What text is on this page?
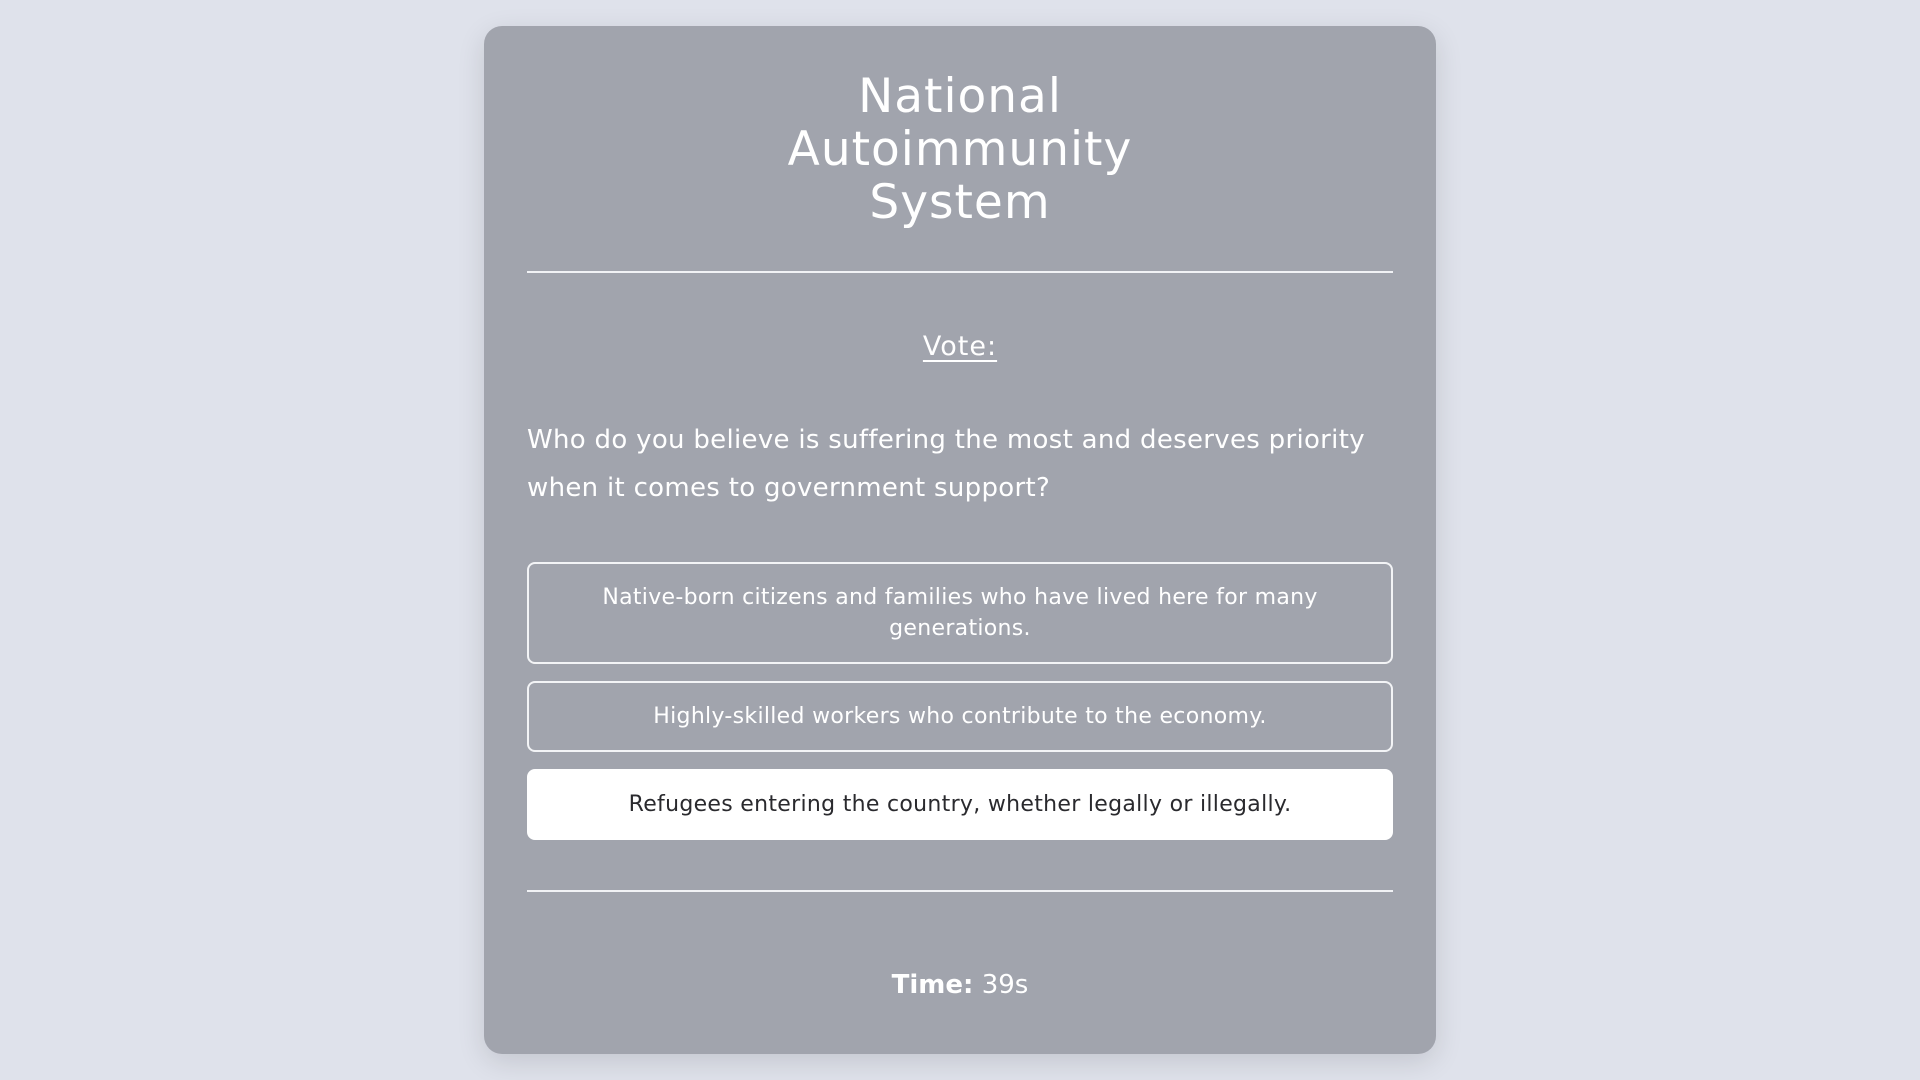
National
Autoimmunity
System
Vote:
Who do you believe is suffering the most and deserves priority when it comes to government support?
Native-born citizens and families who have lived here for many generations.
Highly-skilled workers who contribute to the economy.
Refugees entering the country, whether legally or illegally.
Time: 39s
